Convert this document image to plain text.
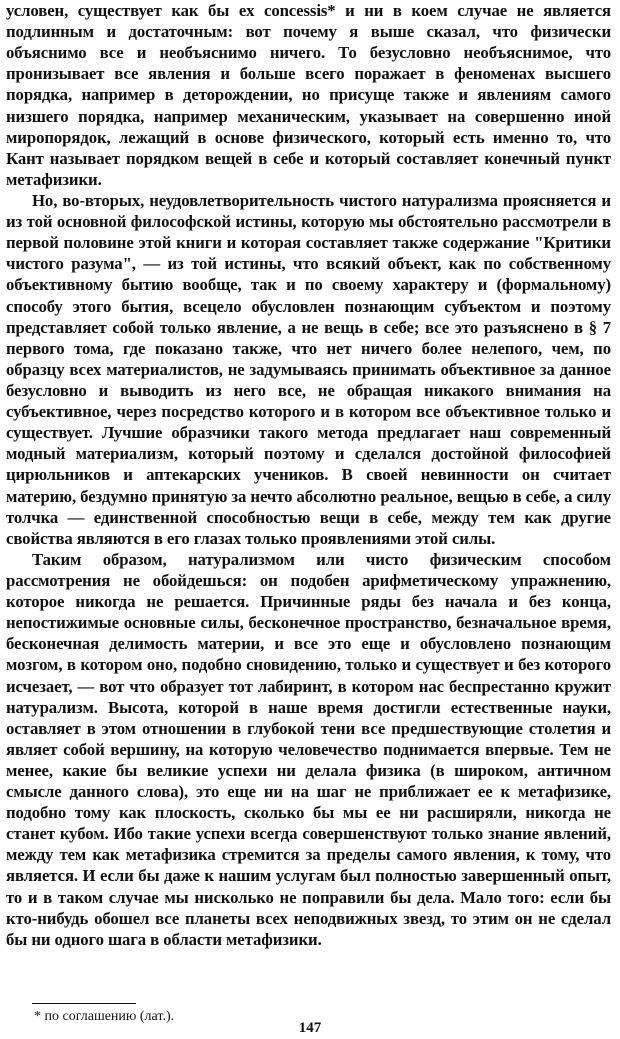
условен, существует как бы ex concessis* и ни в коем случае не является подлинным и достаточным: вот почему я выше сказал, что физически объяснимо все и необъяснимо ничего. То безусловно необъяснимое, что пронизывает все явления и больше всего поражает в феноменах высшего порядка, например в деторождении, но присуще также и явлениям самого низшего порядка, например механическим, указывает на совершенно иной миропорядок, лежащий в основе физического, который есть именно то, что Кант называет порядком вещей в себе и который составляет конечный пункт метафизики.

Но, во-вторых, неудовлетворительность чистого натурализма проясняется и из той основной философской истины, которую мы обстоятельно рассмотрели в первой половине этой книги и которая составляет также содержание "Критики чистого разума", — из той истины, что всякий объект, как по собственному объективному бытию вообще, так и по своему характеру и (формальному) способу этого бытия, всецело обусловлен познающим субъектом и поэтому представляет собой только явление, а не вещь в себе; все это разъяснено в § 7 первого тома, где показано также, что нет ничего более нелепого, чем, по образцу всех материалистов, не задумываясь принимать объективное за данное безусловно и выводить из него все, не обращая никакого внимания на субъективное, через посредство которого и в котором все объективное только и существует. Лучшие образчики такого метода предлагает наш современный модный материализм, который поэтому и сделался достойной философией цирюльников и аптекарских учеников. В своей невинности он считает материю, бездумно принятую за нечто абсолютно реальное, вещью в себе, а силу толчка — единственной способностью вещи в себе, между тем как другие свойства являются в его глазах только проявлениями этой силы.

Таким образом, натурализмом или чисто физическим способом рассмотрения не обойдешься: он подобен арифметическому упражнению, которое никогда не решается. Причинные ряды без начала и без конца, непостижимые основные силы, бесконечное пространство, безначальное время, бесконечная делимость материи, и все это еще и обусловлено познающим мозгом, в котором оно, подобно сновидению, только и существует и без которого исчезает, — вот что образует тот лабиринт, в котором нас беспрестанно кружит натурализм. Высота, которой в наше время достигли естественные науки, оставляет в этом отношении в глубокой тени все предшествующие столетия и являет собой вершину, на которую человечество поднимается впервые. Тем не менее, какие бы великие успехи ни делала физика (в широком, античном смысле данного слова), это еще ни на шаг не приближает ее к метафизике, подобно тому как плоскость, сколько бы мы ее ни расширяли, никогда не станет кубом. Ибо такие успехи всегда совершенствуют только знание явлений, между тем как метафизика стремится за пределы самого явления, к тому, что является. И если бы даже к нашим услугам был полностью завершенный опыт, то и в таком случае мы нисколько не поправили бы дела. Мало того: если бы кто-нибудь обошел все планеты всех неподвижных звезд, то этим он не сделал бы ни одного шага в области метафизики.

* по соглашению (лат.).
147
